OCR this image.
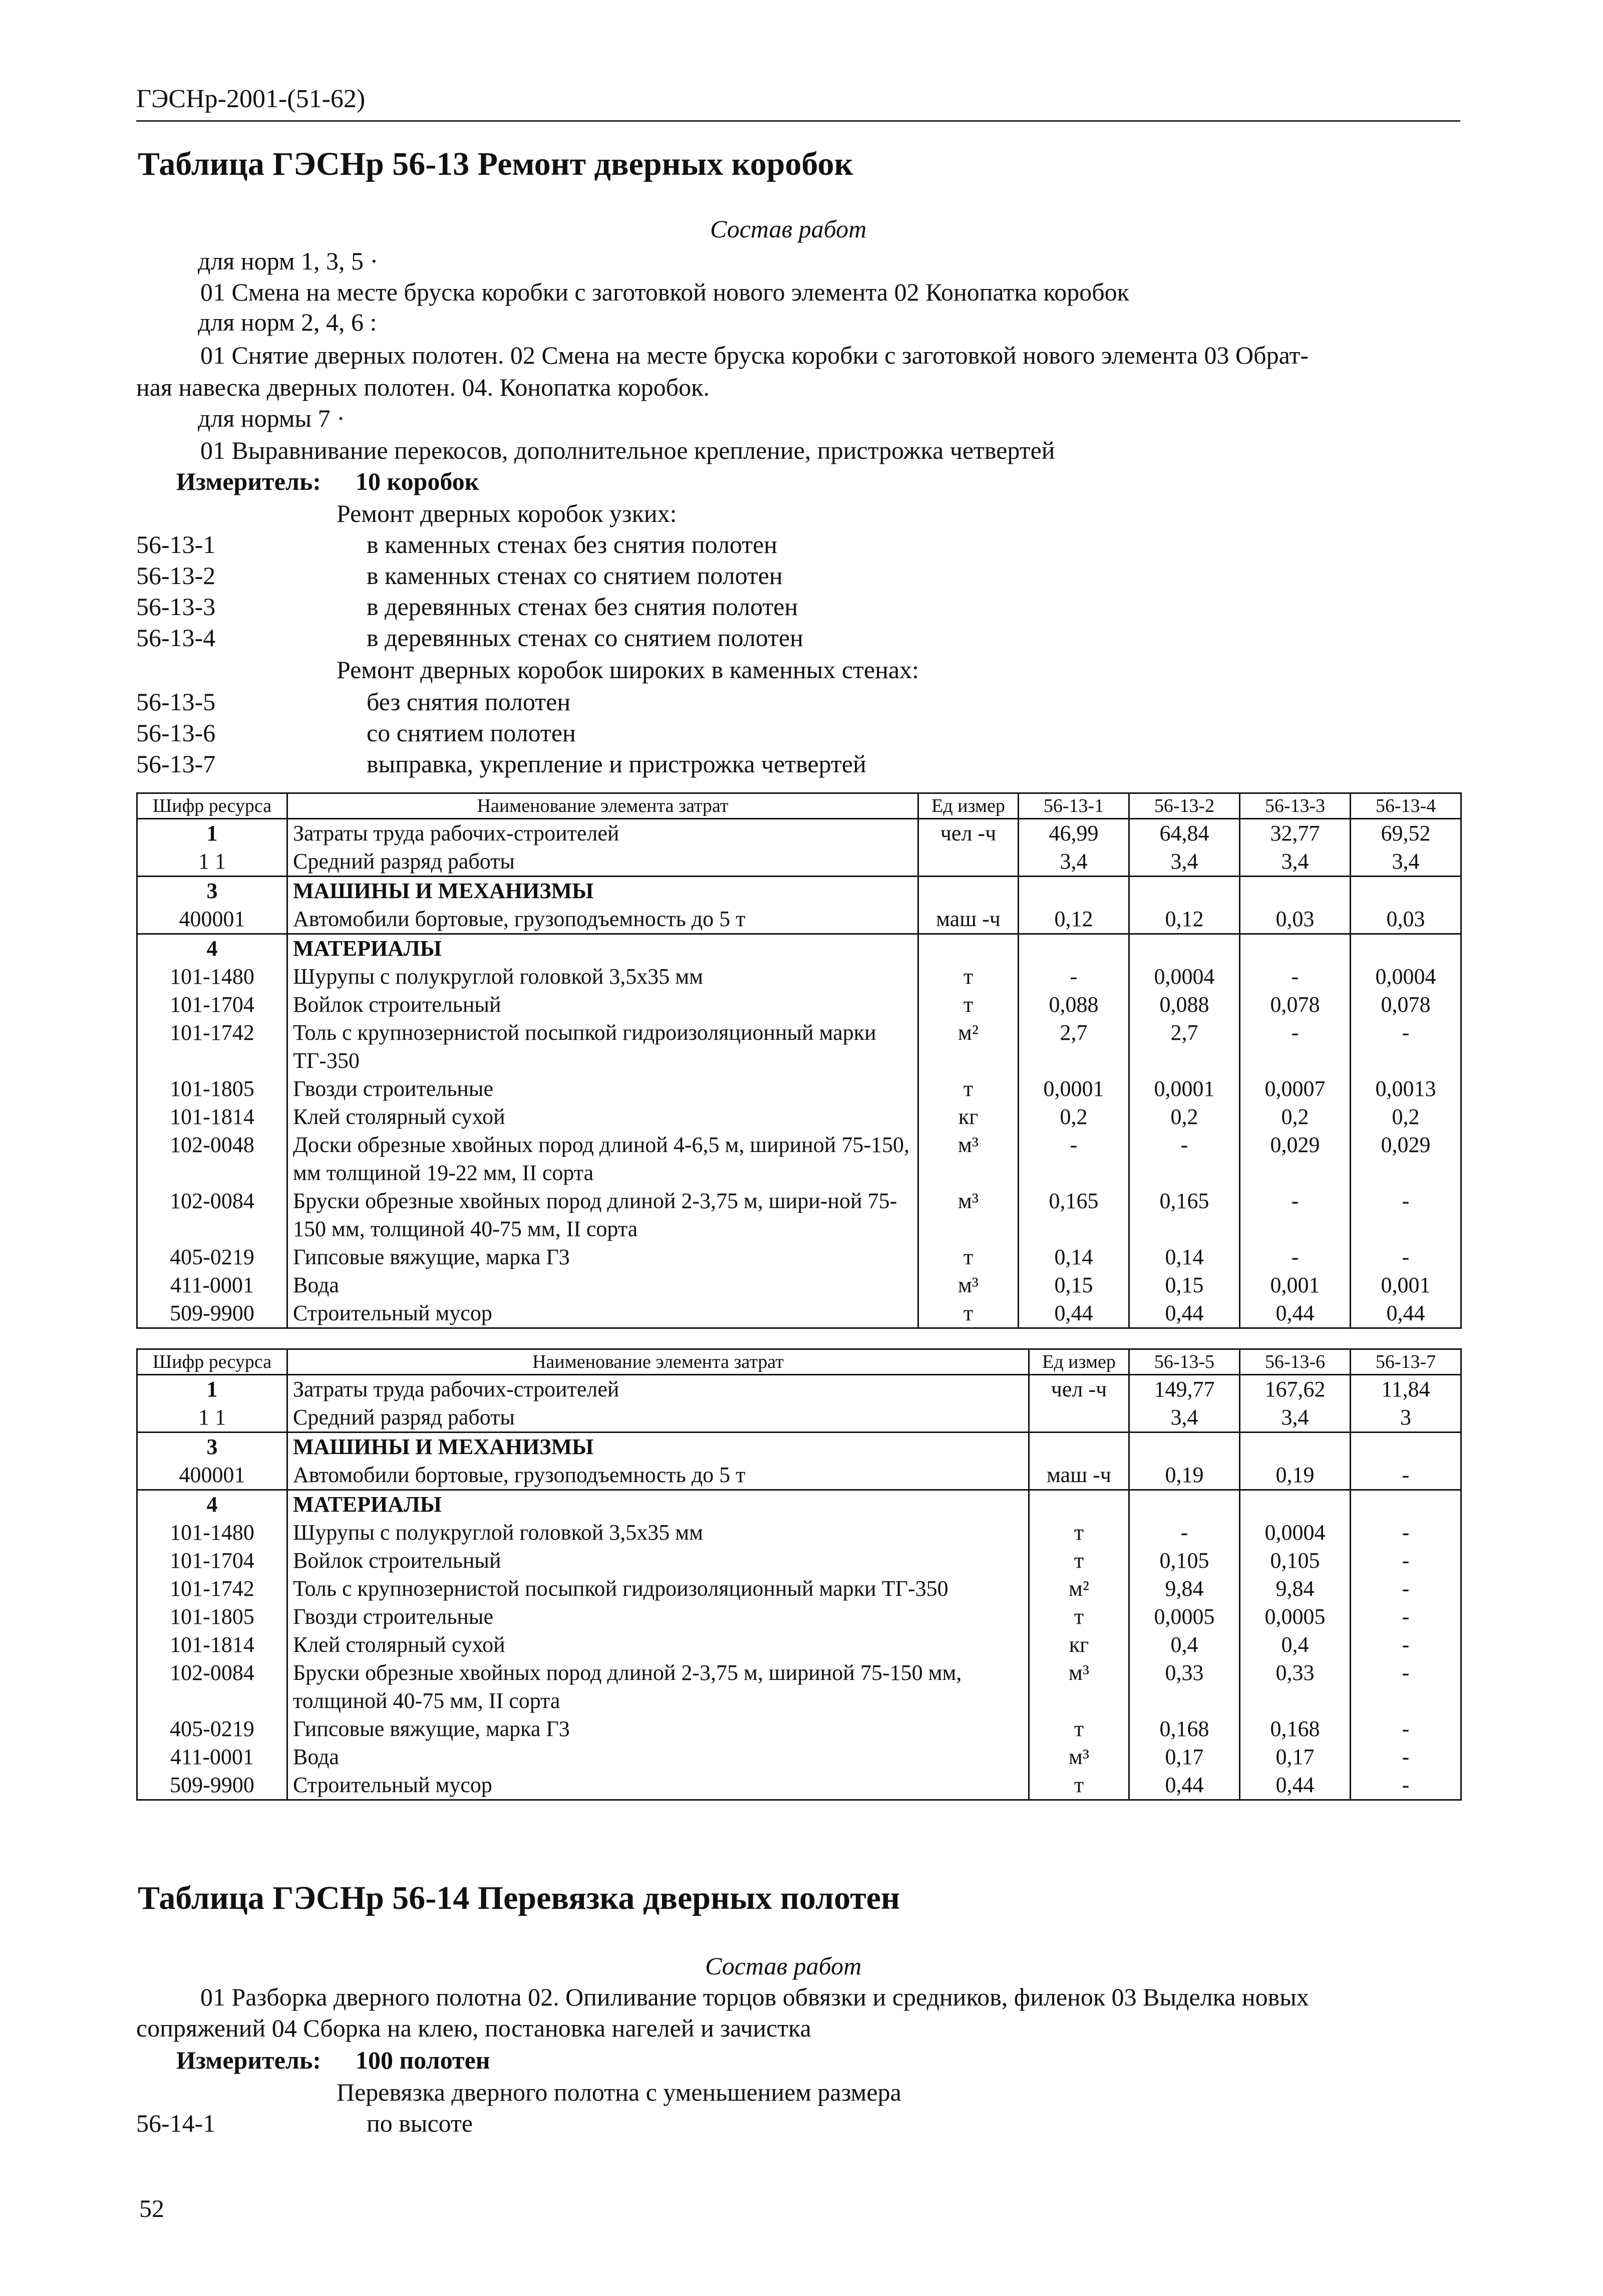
ГЭСНр-2001-(51-62)
Таблица ГЭСНр 56-13 Ремонт дверных коробок
Состав работ
для норм 1, 3, 5 ·
01 Смена на месте бруска коробки с заготовкой нового элемента 02 Конопатка коробок
для норм 2, 4, 6 :
01 Снятие дверных полотен. 02 Смена на месте бруска коробки с заготовкой нового элемента 03 Обрат-
ная навеска дверных полотен. 04. Конопатка коробок.
для нормы 7 ·
01 Выравнивание перекосов, дополнительное крепление, пристрожка четвертей
Измеритель: 10 коробок
Ремонт дверных коробок узких:
56-13-1	в каменных стенах без снятия полотен
56-13-2	в каменных стенах со снятием полотен
56-13-3	в деревянных стенах без снятия полотен
56-13-4	в деревянных стенах со снятием полотен
Ремонт дверных коробок широких в каменных стенах:
56-13-5	без снятия полотен
56-13-6	со снятием полотен
56-13-7	выправка, укрепление и пристрожка четвертей
Шифр ресурса	Наименование элемента затрат	Ед измер	56-13-1	56-13-2	56-13-3	56-13-4
1	Затраты труда рабочих-строителей	чел -ч	46,99	64,84	32,77	69,52
1 1	Средний разряд работы		3,4	3,4	3,4	3,4
3	МАШИНЫ И МЕХАНИЗМЫ					
400001	Автомобили бортовые, грузоподъемность до 5 т	маш -ч	0,12	0,12	0,03	0,03
4	МАТЕРИАЛЫ					
101-1480	Шурупы с полукруглой головкой 3,5x35 мм	т	-	0,0004	-	0,0004
101-1704	Войлок строительный	т	0,088	0,088	0,078	0,078
101-1742	Толь с крупнозернистой посыпкой гидроизоляционный марки ТГ-350	м²	2,7	2,7	-	-
101-1805	Гвозди строительные	т	0,0001	0,0001	0,0007	0,0013
101-1814	Клей столярный сухой	кг	0,2	0,2	0,2	0,2
102-0048	Доски обрезные хвойных пород длиной 4-6,5 м, шириной 75-150, мм толщиной 19-22 мм, II сорта	м³	-	-	0,029	0,029
102-0084	Бруски обрезные хвойных пород длиной 2-3,75 м, шири-ной 75-150 мм, толщиной 40-75 мм, II сорта	м³	0,165	0,165	-	-
405-0219	Гипсовые вяжущие, марка Г3	т	0,14	0,14	-	-
411-0001	Вода	м³	0,15	0,15	0,001	0,001
509-9900	Строительный мусор	т	0,44	0,44	0,44	0,44
Шифр ресурса	Наименование элемента затрат	Ед измер	56-13-5	56-13-6	56-13-7
1	Затраты труда рабочих-строителей	чел -ч	149,77	167,62	11,84
1 1	Средний разряд работы		3,4	3,4	3
3	МАШИНЫ И МЕХАНИЗМЫ				
400001	Автомобили бортовые, грузоподъемность до 5 т	маш -ч	0,19	0,19	-
4	МАТЕРИАЛЫ				
101-1480	Шурупы с полукруглой головкой 3,5x35 мм	т	-	0,0004	-
101-1704	Войлок строительный	т	0,105	0,105	-
101-1742	Толь с крупнозернистой посыпкой гидроизоляционный марки ТГ-350	м²	9,84	9,84	-
101-1805	Гвозди строительные	т	0,0005	0,0005	-
101-1814	Клей столярный сухой	кг	0,4	0,4	-
102-0084	Бруски обрезные хвойных пород длиной 2-3,75 м, шириной 75-150 мм, толщиной 40-75 мм, II сорта	м³	0,33	0,33	-
405-0219	Гипсовые вяжущие, марка Г3	т	0,168	0,168	-
411-0001	Вода	м³	0,17	0,17	-
509-9900	Строительный мусор	т	0,44	0,44	-
Таблица ГЭСНр 56-14 Перевязка дверных полотен
Состав работ
01 Разборка дверного полотна 02. Опиливание торцов обвязки и средников, филенок 03 Выделка новых
сопряжений 04 Сборка на клею, постановка нагелей и зачистка
Измеритель: 100 полотен
Перевязка дверного полотна с уменьшением размера
56-14-1	по высоте
52
